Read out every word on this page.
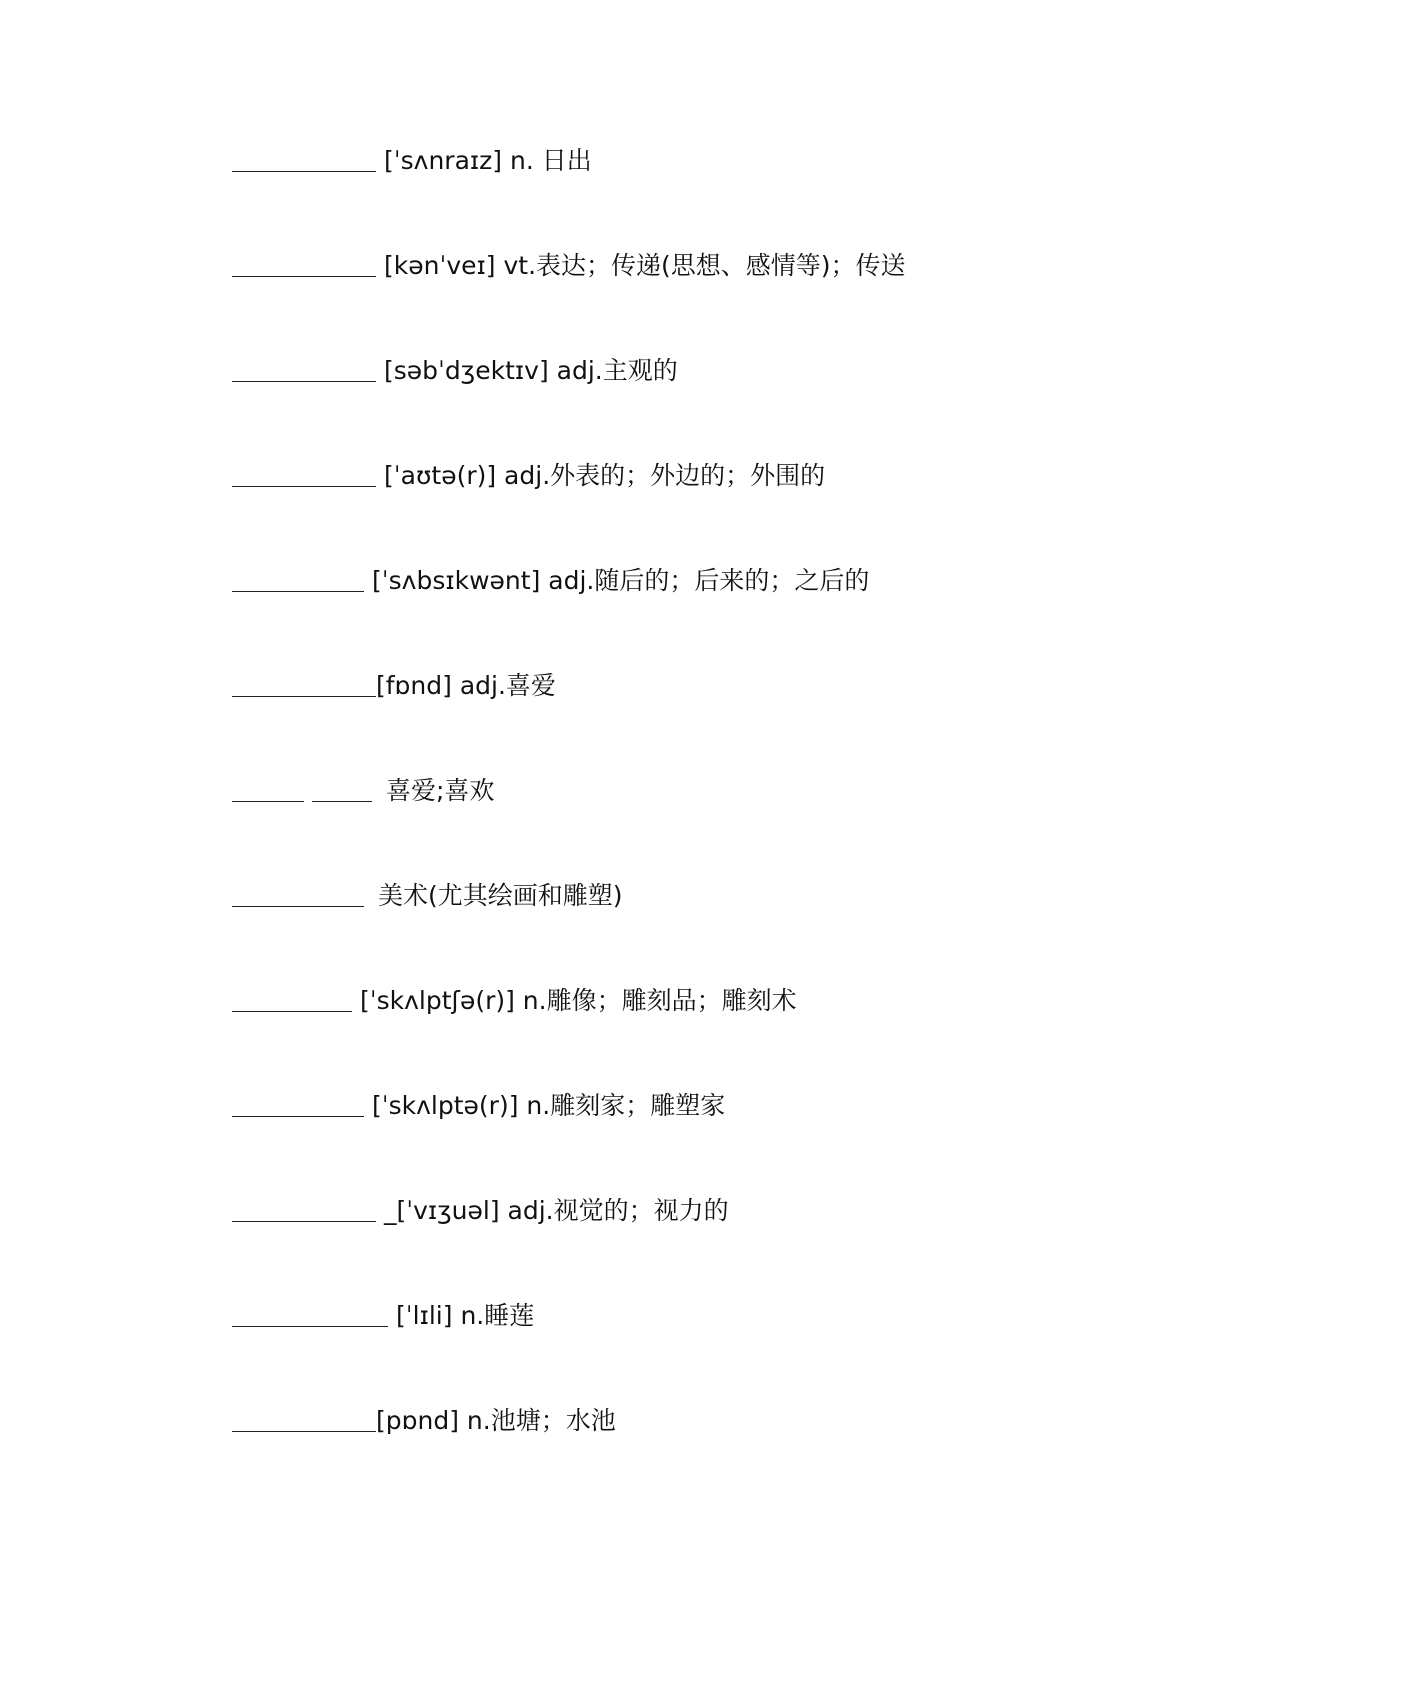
[ˈsʌnraɪz] n. 日出
[kənˈveɪ] vt.表达；传递(思想、感情等)；传送
[səbˈdʒektɪv] adj.主观的
[ˈaʊtə(r)] adj.外表的；外边的；外围的
[ˈsʌbsɪkwənt] adj.随后的；后来的；之后的
[fɒnd] adj.喜爱
喜爱;喜欢
美术(尤其绘画和雕塑)
[ˈskʌlptʃə(r)] n.雕像；雕刻品；雕刻术
[ˈskʌlptə(r)] n.雕刻家；雕塑家
_[ˈvɪʒuəl] adj.视觉的；视力的
[ˈlɪli] n.睡莲
[pɒnd] n.池塘；水池
